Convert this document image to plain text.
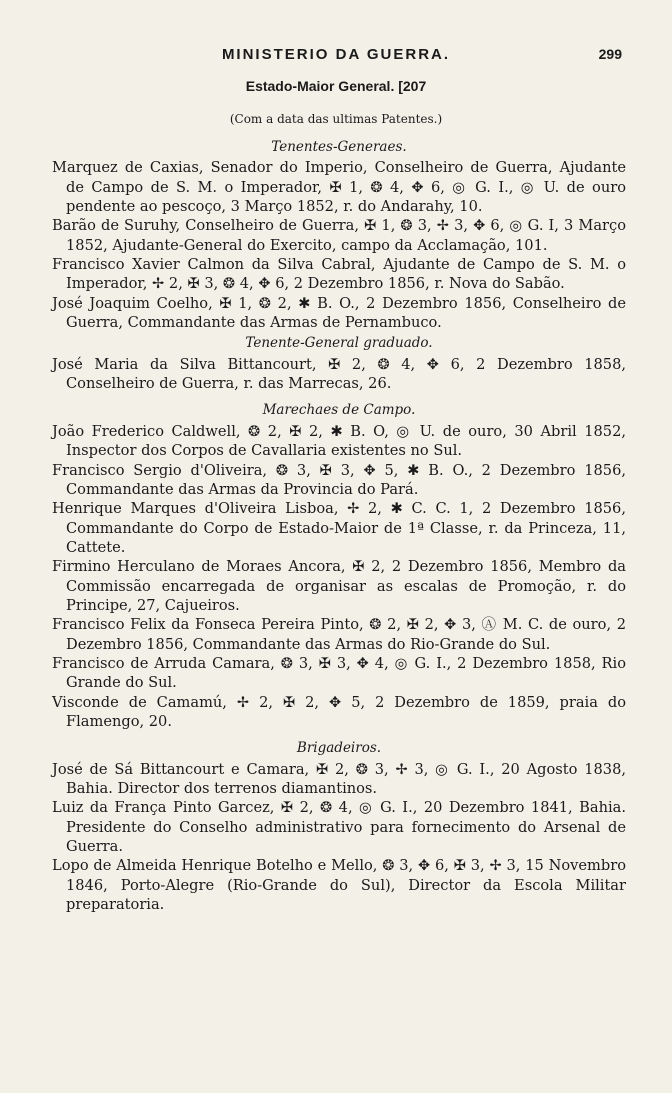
MINISTERIO DA GUERRA.	299
Estado-Maior General. [207
(Com a data das ultimas Patentes.)
Tenentes-Generaes.

Marquez de Caxias, Senador do Imperio, Conselheiro de Guerra, Ajudante de Campo de S. M. o Imperador, ✠ 1, ❂ 4, ✥ 6, ◎ G. I., ◎ U. de ouro pendente ao pescoço, 3 Março 1852, r. do Andarahy, 10.

Barão de Suruhy, Conselheiro de Guerra, ✠ 1, ❂ 3, ✢ 3, ✥ 6, ◎ G. I, 3 Março 1852, Ajudante-General do Exercito, campo da Acclamação, 101.

Francisco Xavier Calmon da Silva Cabral, Ajudante de Campo de S. M. o Imperador, ✢ 2, ✠ 3, ❂ 4, ✥ 6, 2 Dezembro 1856, r. Nova do Sabão.

José Joaquim Coelho, ✠ 1, ❂ 2, ✱ B. O., 2 Dezembro 1856, Conselheiro de Guerra, Commandante das Armas de Pernambuco.

Tenente-General graduado.

José Maria da Silva Bittancourt, ✠ 2, ❂ 4, ✥ 6, 2 Dezembro 1858, Conselheiro de Guerra, r. das Marrecas, 26.

Marechaes de Campo.

João Frederico Caldwell, ❂ 2, ✠ 2, ✱ B. O, ◎ U. de ouro, 30 Abril 1852, Inspector dos Corpos de Cavallaria existentes no Sul.

Francisco Sergio d'Oliveira, ❂ 3, ✠ 3, ✥ 5, ✱ B. O., 2 Dezembro 1856, Commandante das Armas da Provincia do Pará.

Henrique Marques d'Oliveira Lisboa, ✢ 2, ✱ C. C. 1, 2 Dezembro 1856, Commandante do Corpo de Estado-Maior de 1ª Classe, r. da Princeza, 11, Cattete.

Firmino Herculano de Moraes Ancora, ✠ 2, 2 Dezembro 1856, Membro da Commissão encarregada de organisar as escalas de Promoção, r. do Principe, 27, Cajueiros.

Francisco Felix da Fonseca Pereira Pinto, ❂ 2, ✠ 2, ✥ 3, Ⓐ M. C. de ouro, 2 Dezembro 1856, Commandante das Armas do Rio-Grande do Sul.

Francisco de Arruda Camara, ❂ 3, ✠ 3, ✥ 4, ◎ G. I., 2 Dezembro 1858, Rio Grande do Sul.

Visconde de Camamú, ✢ 2, ✠ 2, ✥ 5, 2 Dezembro de 1859, praia do Flamengo, 20.

Brigadeiros.

José de Sá Bittancourt e Camara, ✠ 2, ❂ 3, ✢ 3, ◎ G. I., 20 Agosto 1838, Bahia. Director dos terrenos diamantinos.

Luiz da França Pinto Garcez, ✠ 2, ❂ 4, ◎ G. I., 20 Dezembro 1841, Bahia. Presidente do Conselho administrativo para fornecimento do Arsenal de Guerra.

Lopo de Almeida Henrique Botelho e Mello, ❂ 3, ✥ 6, ✠ 3, ✢ 3, 15 Novembro 1846, Porto-Alegre (Rio-Grande do Sul), Director da Escola Militar preparatoria.
